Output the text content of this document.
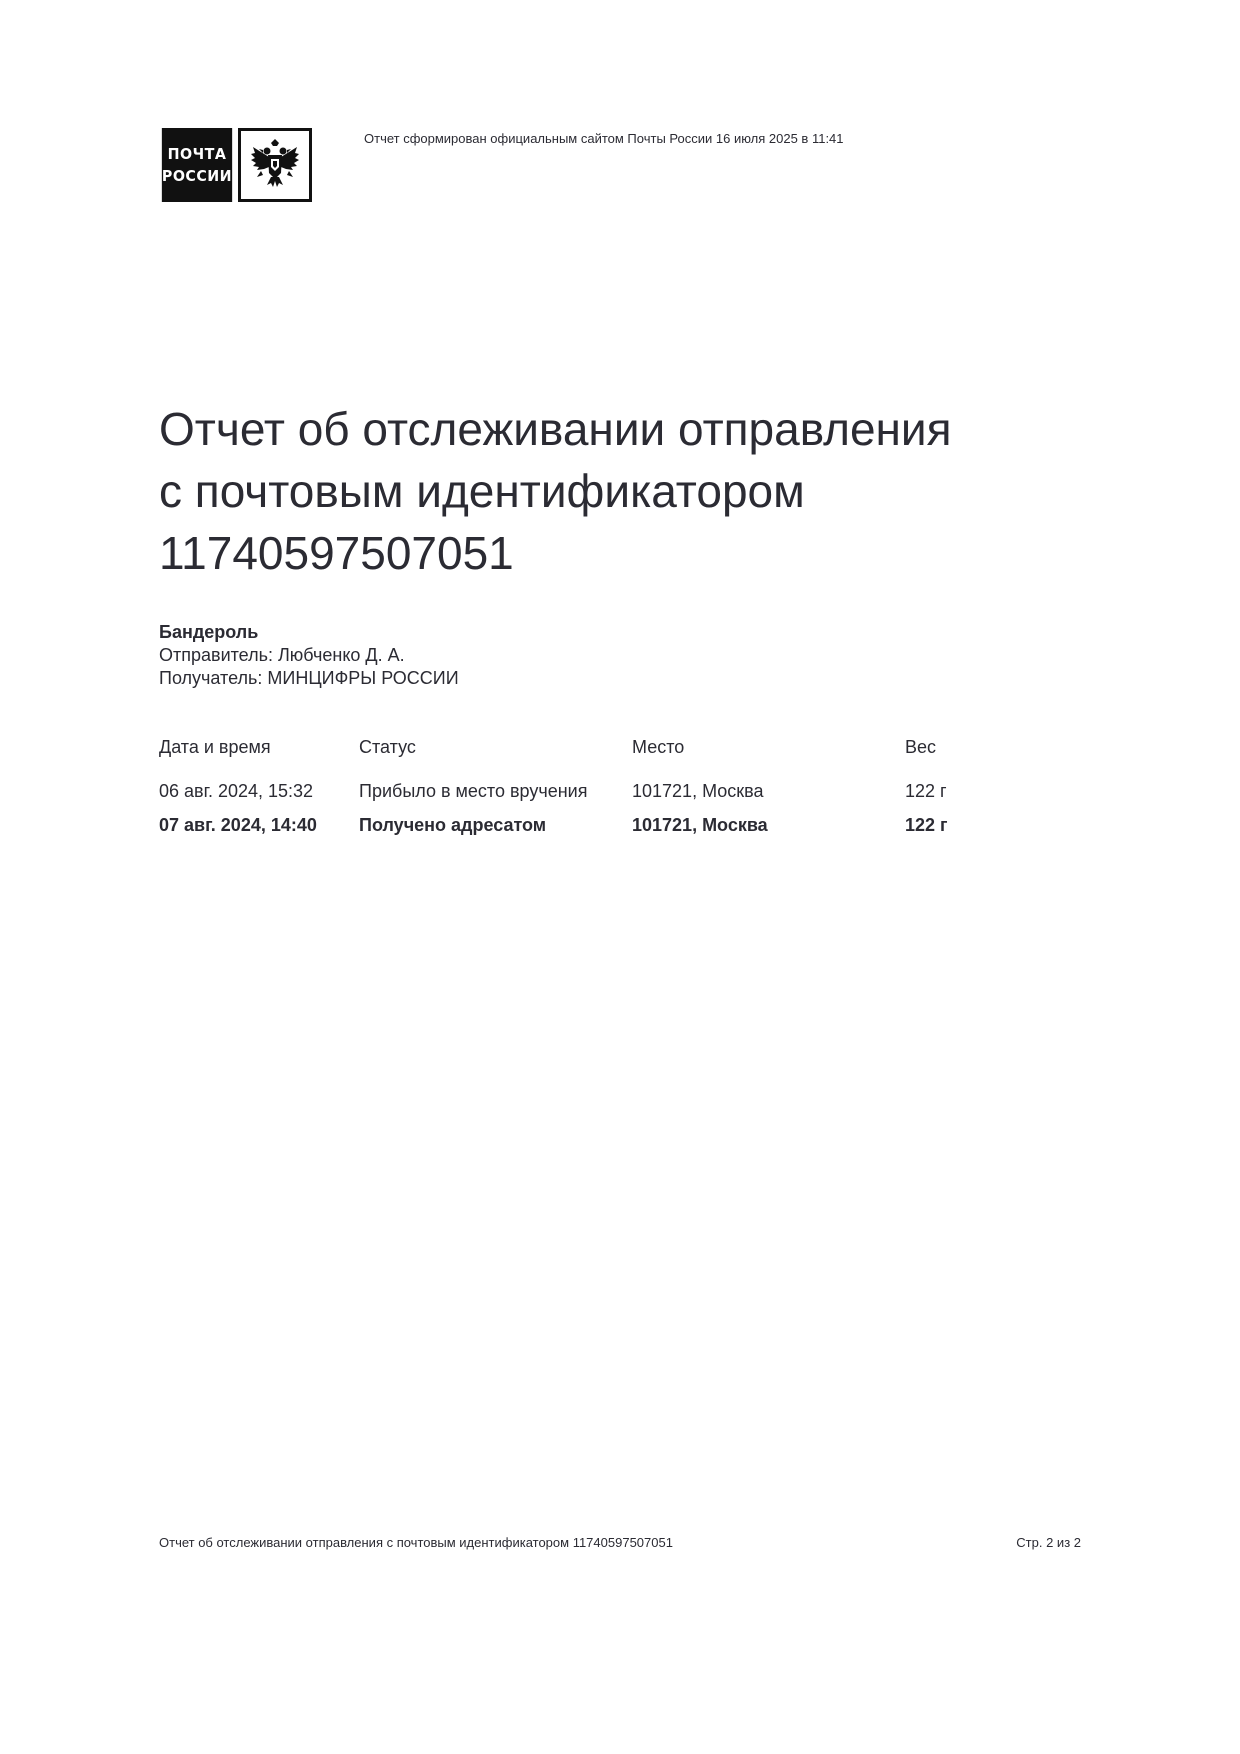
ПОЧТА
РОССИИ
Отчет сформирован официальным сайтом Почты России 16 июля 2025 в 11:41
Отчет об отслеживании отправления
с почтовым идентификатором
11740597507051
Бандероль
Отправитель: Любченко Д. А.
Получатель: МИНЦИФРЫ РОССИИ
Дата и время	Статус	Место	Вес
06 авг. 2024, 15:32	Прибыло в место вручения	101721, Москва	122 г
07 авг. 2024, 14:40	Получено адресатом	101721, Москва	122 г
Отчет об отслеживании отправления с почтовым идентификатором 11740597507051	Стр. 2 из 2
